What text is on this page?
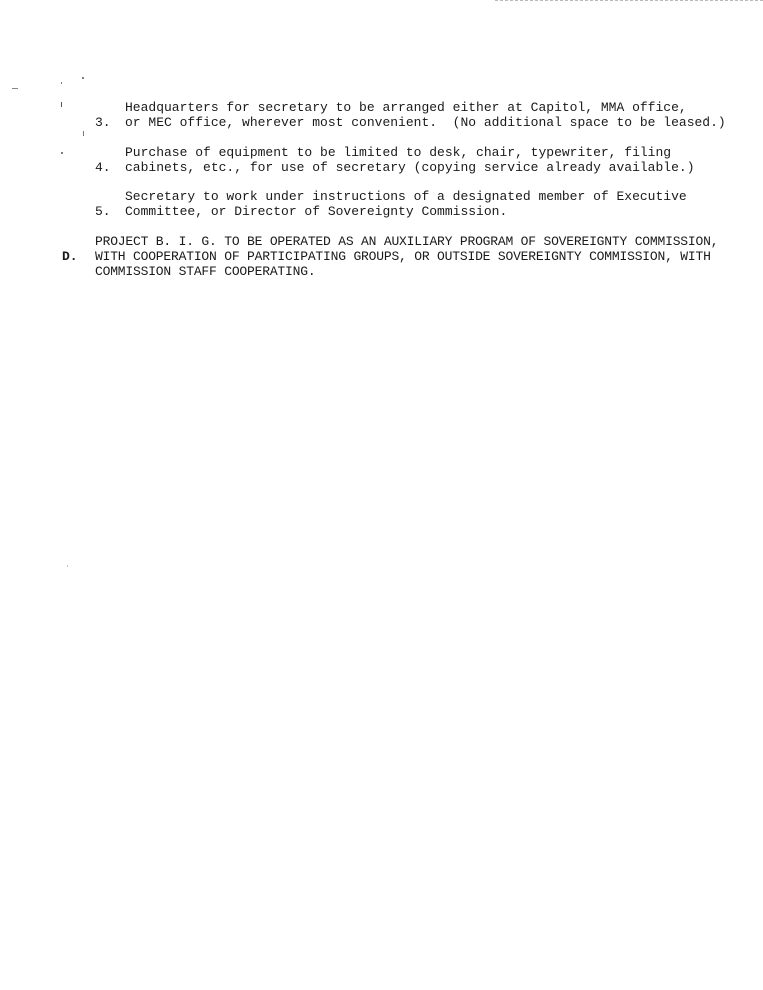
3.

Headquarters for secretary to be arranged either at Capitol, MMA office,

or MEC office, wherever most convenient.  (No additional space to be leased.)

4.

Purchase of equipment to be limited to desk, chair, typewriter, filing

cabinets, etc., for use of secretary (copying service already available.)

5.

Secretary to work under instructions of a designated member of Executive

Committee, or Director of Sovereignty Commission.

D.

PROJECT B. I. G. TO BE OPERATED AS AN AUXILIARY PROGRAM OF SOVEREIGNTY COMMISSION,

WITH COOPERATION OF PARTICIPATING GROUPS, OR OUTSIDE SOVEREIGNTY COMMISSION, WITH

COMMISSION STAFF COOPERATING.
